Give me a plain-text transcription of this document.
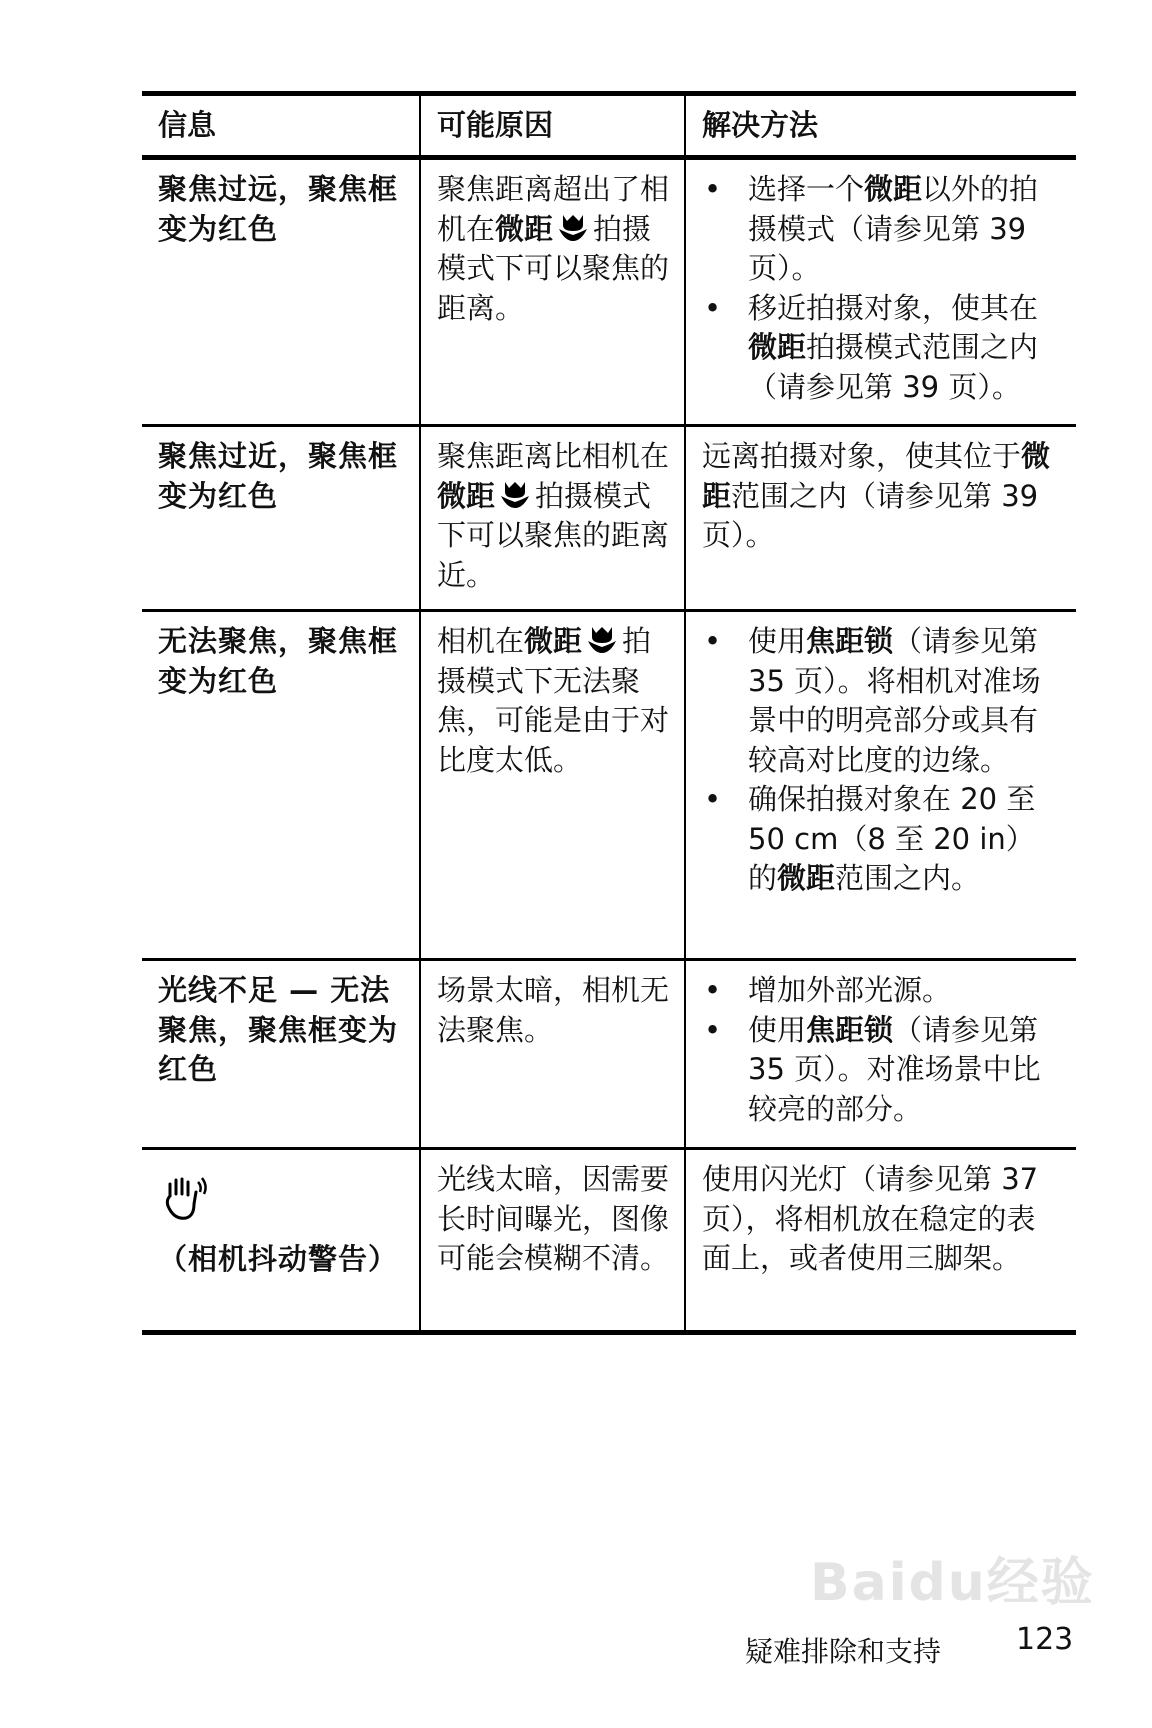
Baidu经验
信息	可能原因	解决方法
聚焦过远，聚焦框变为红色
聚焦距离超出了相机在微距 拍摄模式下可以聚焦的距离。
• 选择一个微距以外的拍摄模式（请参见第 39 页）。
• 移近拍摄对象，使其在微距拍摄模式范围之内（请参见第 39 页）。
聚焦过近，聚焦框变为红色
聚焦距离比相机在微距 拍摄模式下可以聚焦的距离近。
远离拍摄对象，使其位于微距范围之内（请参见第 39 页）。
无法聚焦，聚焦框变为红色
相机在微距 拍摄模式下无法聚焦，可能是由于对比度太低。
• 使用焦距锁（请参见第 35 页）。将相机对准场景中的明亮部分或具有较高对比度的边缘。
• 确保拍摄对象在 20 至 50 cm（8 至 20 in）的微距范围之内。
光线不足 — 无法聚焦，聚焦框变为红色
场景太暗，相机无法聚焦。
• 增加外部光源。
• 使用焦距锁（请参见第 35 页）。对准场景中比较亮的部分。
（相机抖动警告）
光线太暗，因需要长时间曝光，图像可能会模糊不清。
使用闪光灯（请参见第 37 页），将相机放在稳定的表面上，或者使用三脚架。
疑难排除和支持 123
